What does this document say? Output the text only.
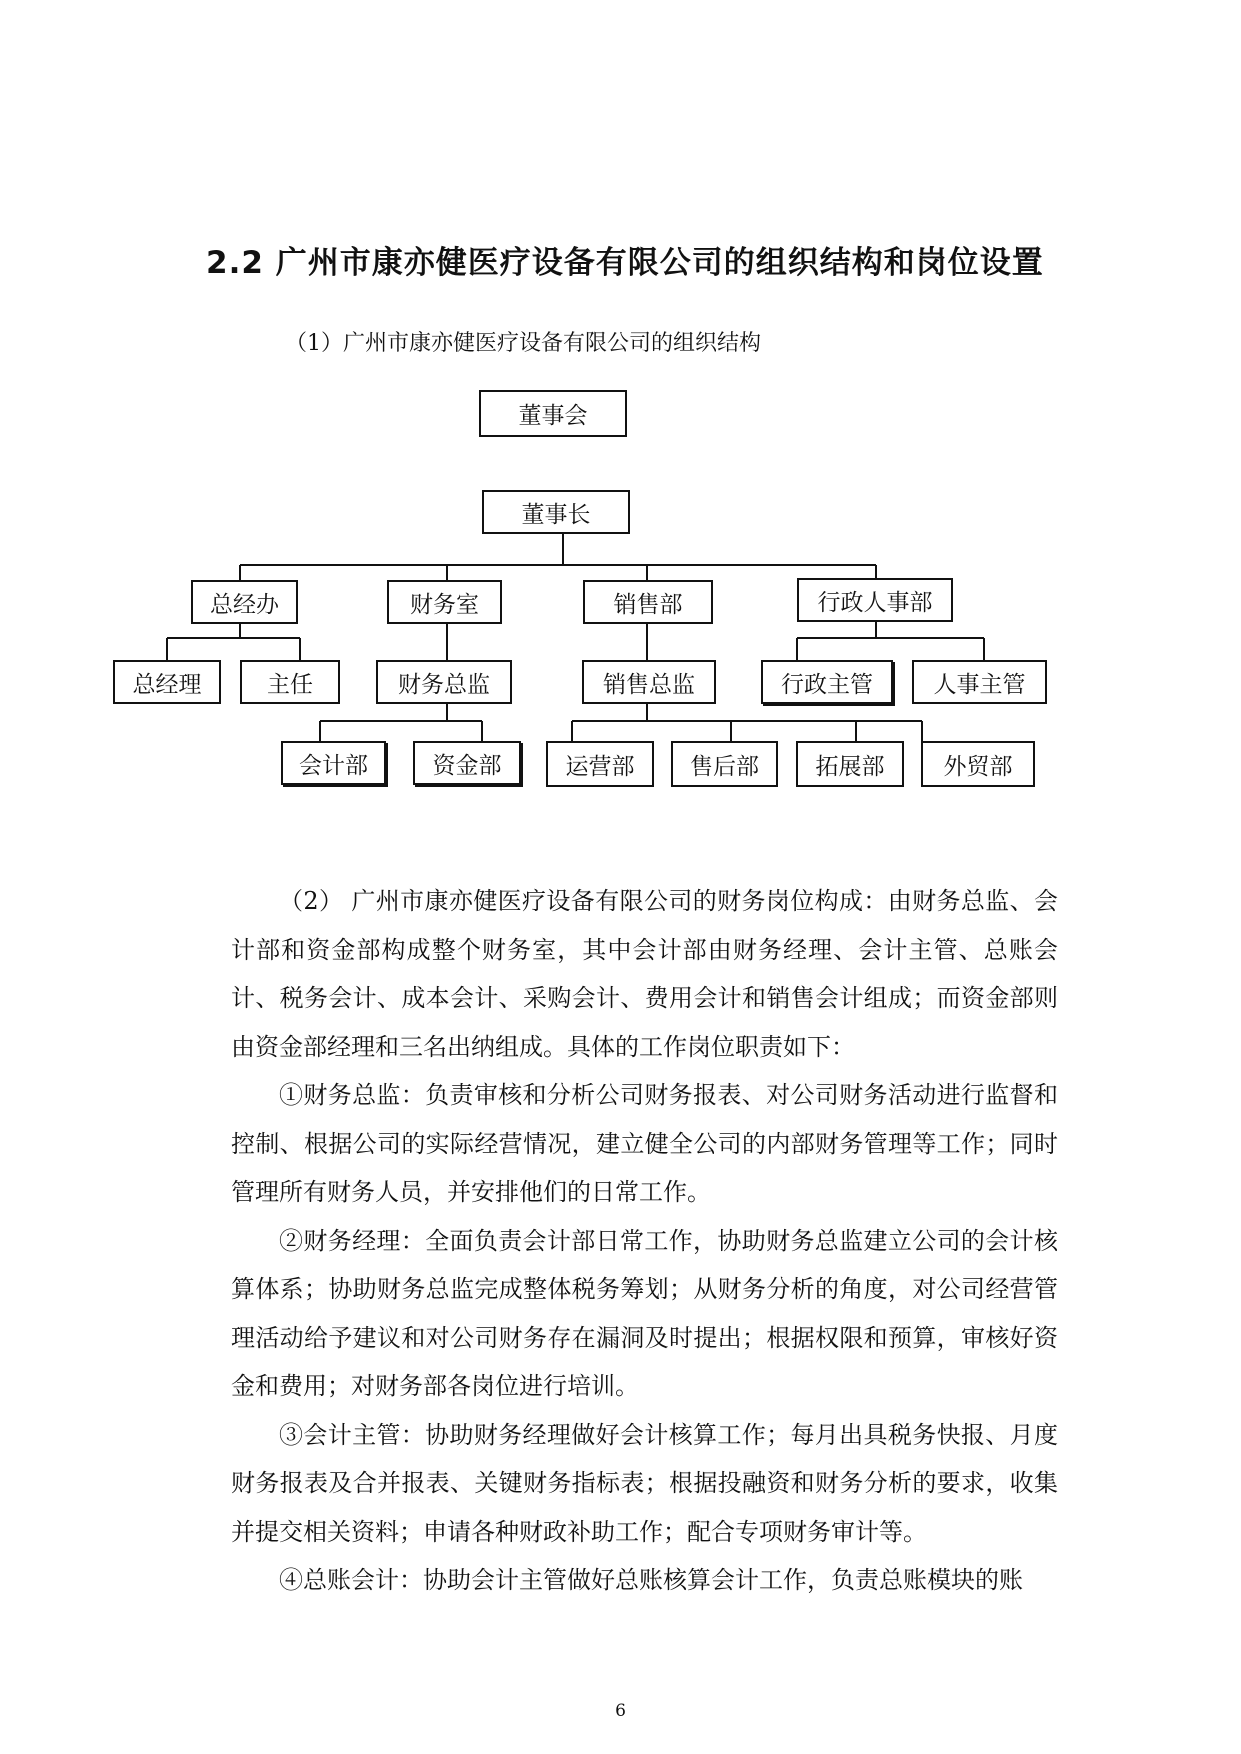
2.2 广州市康亦健医疗设备有限公司的组织结构和岗位设置
（1）广州市康亦健医疗设备有限公司的组织结构
董事会
董事长
总经办	财务室	销售部	行政人事部
总经理	主任	财务总监	销售总监	行政主管	人事主管
会计部	资金部	运营部	售后部	拓展部	外贸部

（2） 广州市康亦健医疗设备有限公司的财务岗位构成：由财务总监、会计部和资金部构成整个财务室，其中会计部由财务经理、会计主管、总账会计、税务会计、成本会计、采购会计、费用会计和销售会计组成；而资金部则由资金部经理和三名出纳组成。具体的工作岗位职责如下：

①财务总监：负责审核和分析公司财务报表、对公司财务活动进行监督和控制、根据公司的实际经营情况，建立健全公司的内部财务管理等工作；同时管理所有财务人员，并安排他们的日常工作。

②财务经理：全面负责会计部日常工作，协助财务总监建立公司的会计核算体系；协助财务总监完成整体税务筹划；从财务分析的角度，对公司经营管理活动给予建议和对公司财务存在漏洞及时提出；根据权限和预算，审核好资金和费用；对财务部各岗位进行培训。

③会计主管：协助财务经理做好会计核算工作；每月出具税务快报、月度财务报表及合并报表、关键财务指标表；根据投融资和财务分析的要求，收集并提交相关资料；申请各种财政补助工作；配合专项财务审计等。

④总账会计：协助会计主管做好总账核算会计工作，负责总账模块的账

6
